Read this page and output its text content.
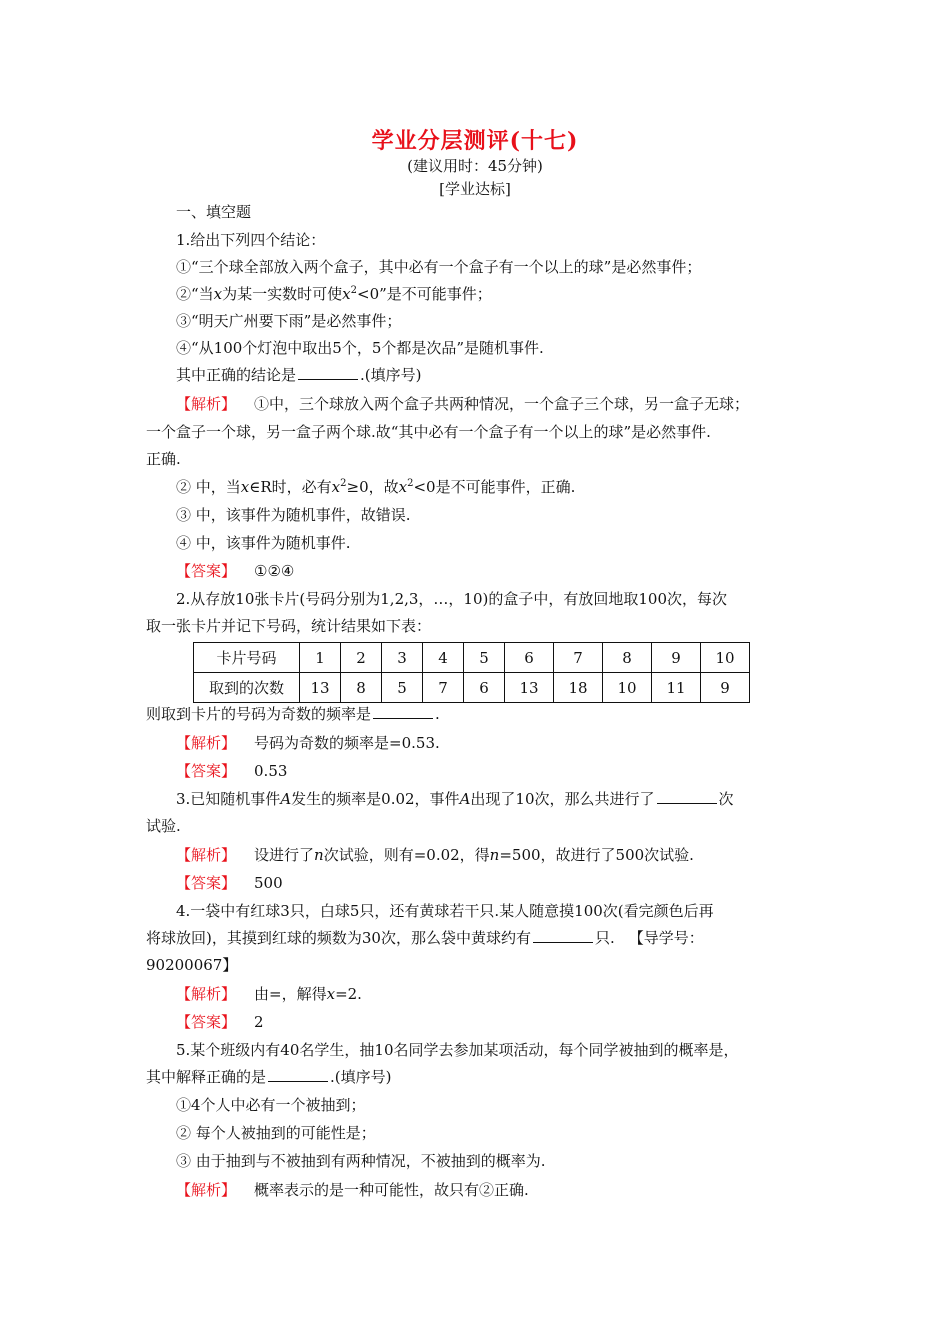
学业分层测评(十七)
(建议用时：45分钟)
[学业达标]
一、填空题
1.给出下列四个结论：
①“三个球全部放入两个盒子，其中必有一个盒子有一个以上的球”是必然事件；
②“当x为某一实数时可使$x^2<0$”是不可能事件；
③“明天广州要下雨”是必然事件；
④“从100个灯泡中取出5个，5个都是次品”是随机事件.
其中正确的结论是	.(填序号)
【解析】 ①中，三个球放入两个盒子共两种情况，一个盒子三个球，另一盒子无球；
一个盒子一个球，另一盒子两个球.故“其中必有一个盒子有一个以上的球”是必然事件.
正确.
② 中，当x∈R时，必有$x^2\ge 0$，故$x^2<0$是不可能事件，正确.
③ 中，该事件为随机事件，故错误.
④ 中，该事件为随机事件.
【答案】 ①②④
2.从存放10张卡片(号码分别为1,2,3，…，10)的盒子中，有放回地取100次，每次
取一张卡片并记下号码，统计结果如下表：
卡片号码	1	2	3	4	5	6	7	8	9	10
取到的次数	13	8	5	7	6	13	18	10	11	9
则取到卡片的号码为奇数的频率是	.
【解析】 号码为奇数的频率是=0.53.
【答案】 0.53
3.已知随机事件A发生的频率是0.02，事件A出现了10次，那么共进行了	次
试验.
【解析】 设进行了n次试验，则有=0.02，得n=500，故进行了500次试验.
【答案】 500
4.一袋中有红球3只，白球5只，还有黄球若干只.某人随意摸100次(看完颜色后再
将球放回)，其摸到红球的频数为30次，那么袋中黄球约有	只. 【导学号：
90200067】
【解析】 由=，解得x=2.
【答案】 2
5.某个班级内有40名学生，抽10名同学去参加某项活动，每个同学被抽到的概率是，
其中解释正确的是	.(填序号)
①4个人中必有一个被抽到；
② 每个人被抽到的可能性是；
③ 由于抽到与不被抽到有两种情况，不被抽到的概率为.
【解析】 概率表示的是一种可能性，故只有②正确.
